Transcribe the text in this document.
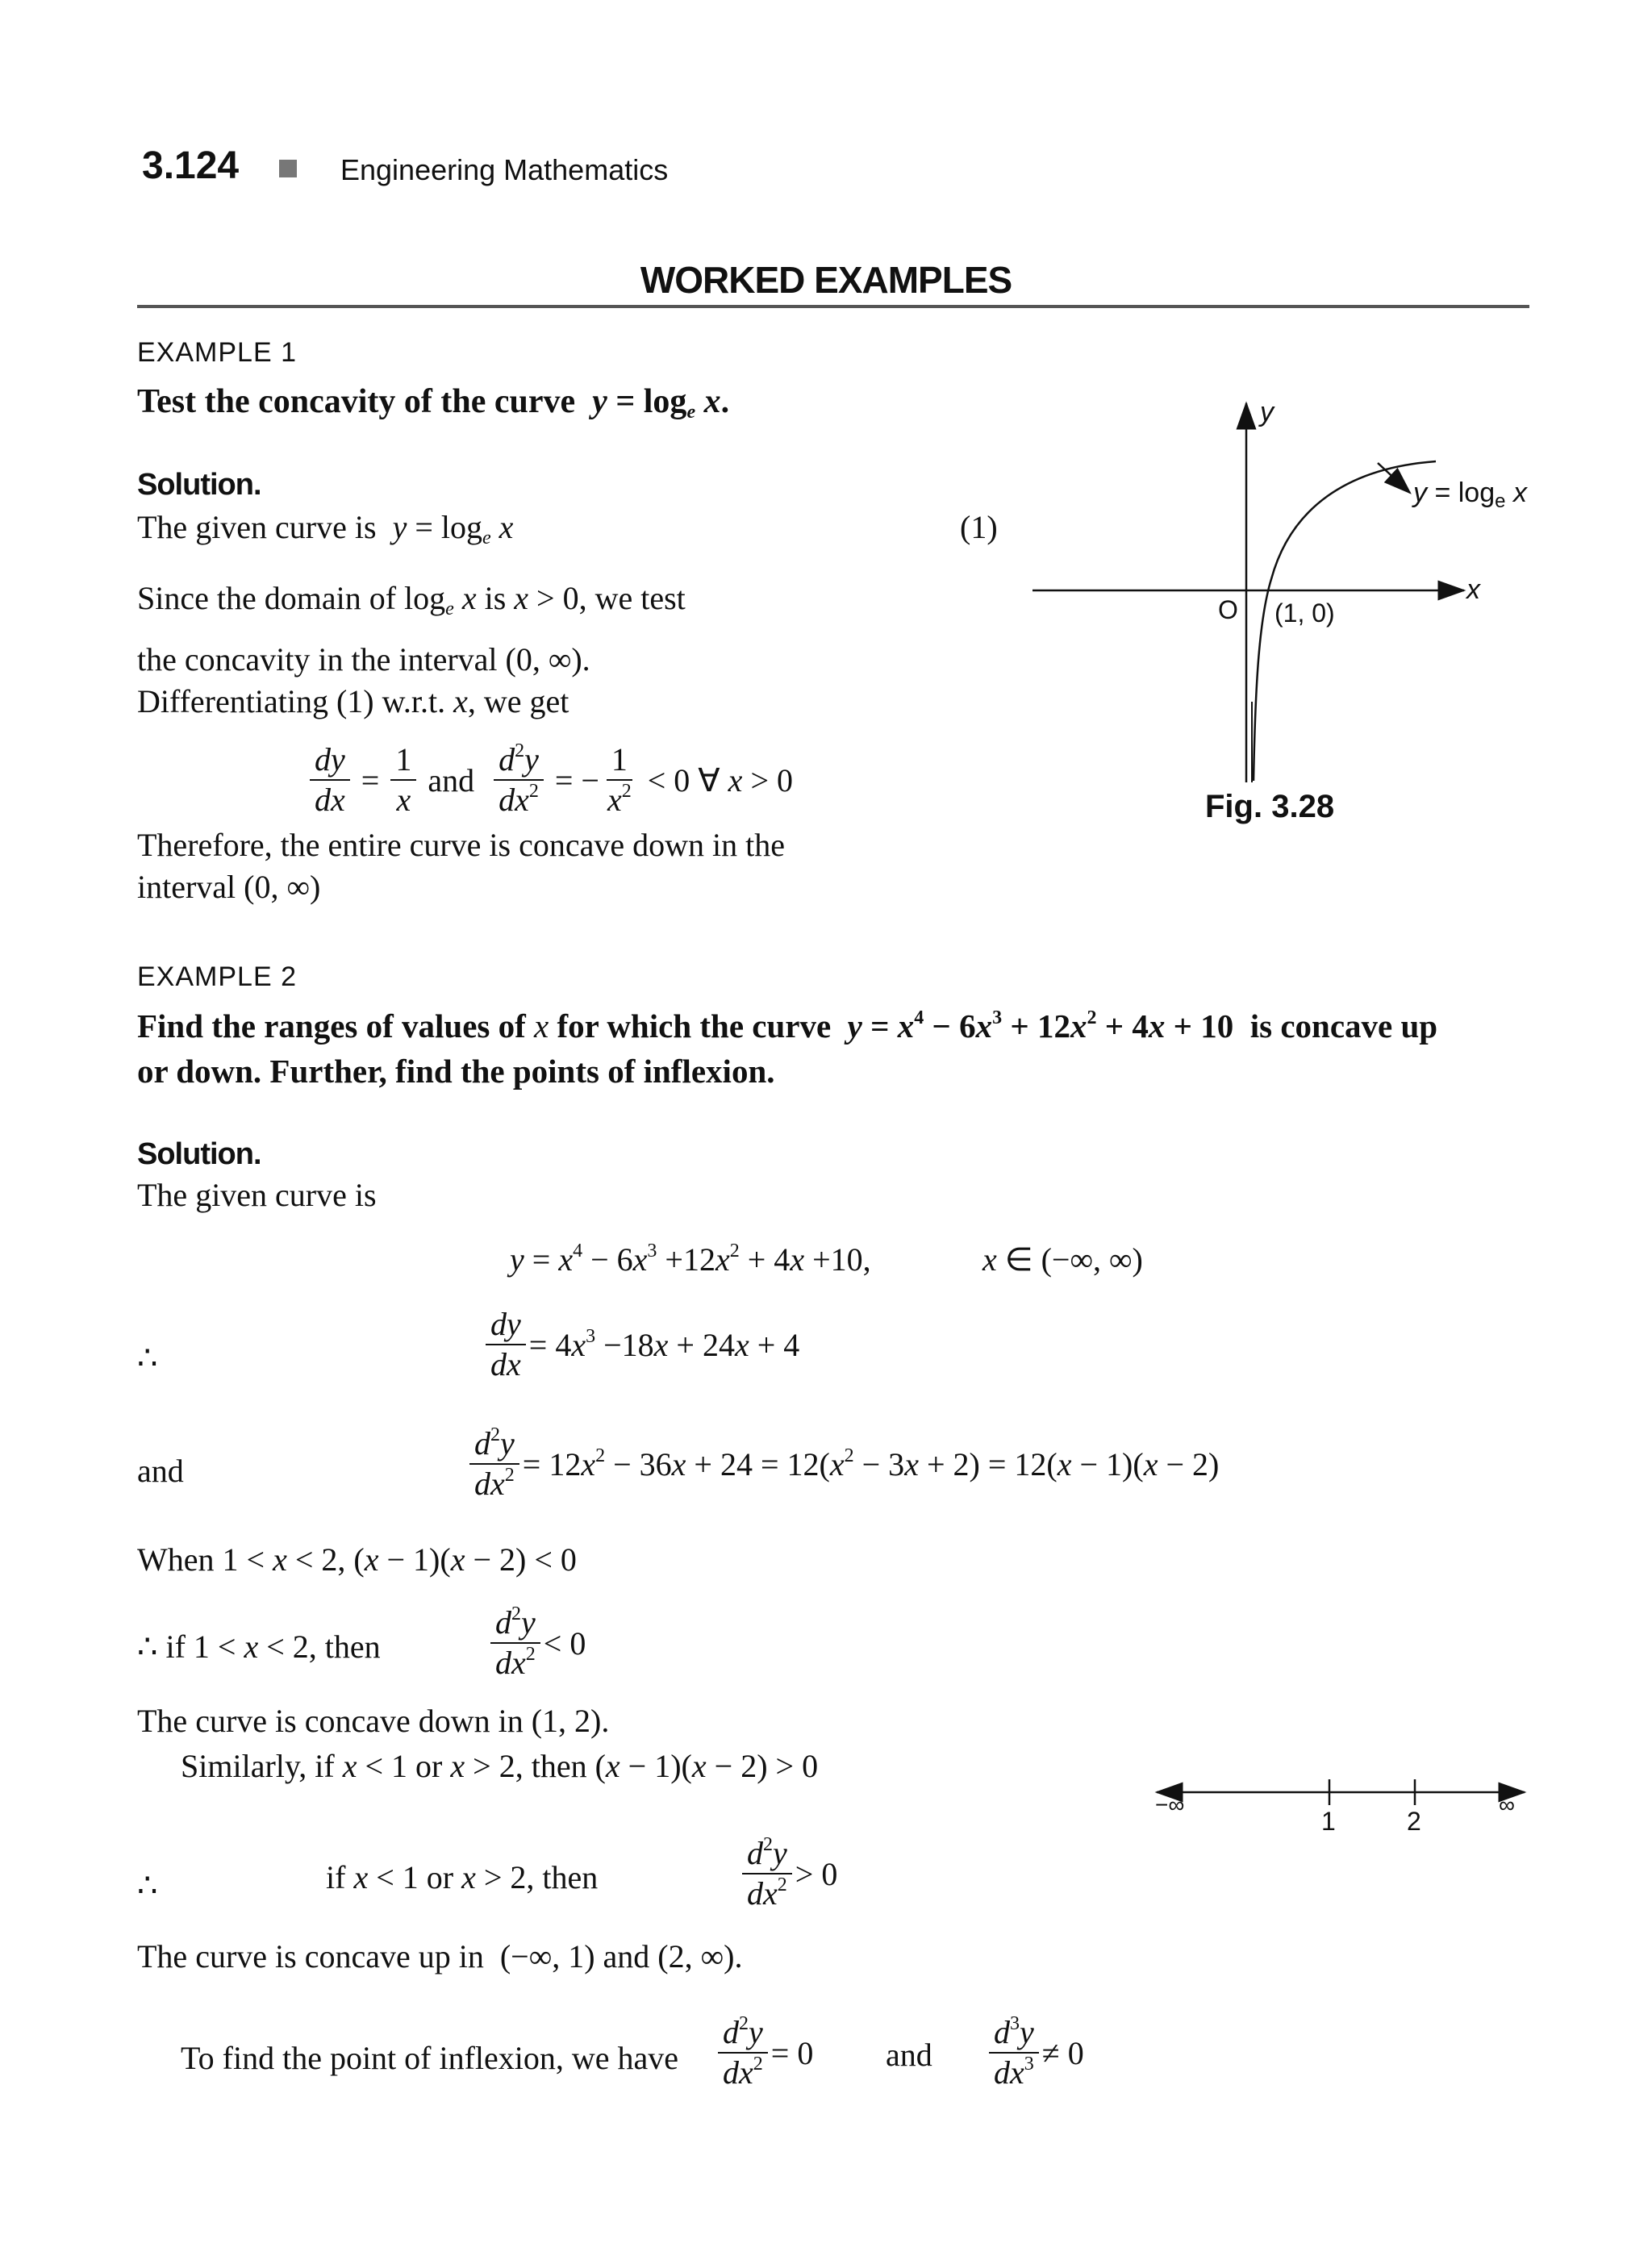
3.124	Engineering Mathematics
WORKED EXAMPLES
EXAMPLE 1
Test the concavity of the curve  $y = \log_e x$.
Solution.
The given curve is  $y = \log_e x$	(1)
Since the domain of $\log_e x$ is x > 0, we test
the concavity in the interval (0, ∞).
Differentiating (1) w.r.t. x, we get
$\frac{dy}{dx} = \frac{1}{x}$ and $\frac{d^2y}{dx^2}$ = − $\frac{1}{x^2} < 0$ ∀ x > 0
Therefore, the entire curve is concave down in the
interval (0, ∞)
y
x
O (1, 0)
$y = \log_e x$
Fig. 3.28
EXAMPLE 2
Find the ranges of values of x for which the curve  $y = x^4 - 6x^3 + 12x^2 + 4x + 10$  is concave up
or down. Further, find the points of inflexion.
Solution.
The given curve is
$y = x^4 - 6x^3 +12x^2 + 4x +10$,	x ∈ (−∞, ∞)
∴	$\frac{dy}{dx} = 4x^3 -18x + 24x + 4$
and	$\frac{d^2y}{dx^2} = 12x^2 - 36x + 24 = 12(x^2 - 3x + 2) = 12(x - 1)(x - 2)$
When 1 < x < 2, (x − 1)(x − 2) < 0
∴ if 1 < x < 2, then	$\frac{d^2y}{dx^2} < 0$
The curve is concave down in (1, 2).
Similarly, if x < 1 or x > 2, then (x − 1)(x − 2) > 0
−∞	∞
1	2
∴	if x < 1 or x > 2, then	$\frac{d^2y}{dx^2} > 0$
The curve is concave up in  (−∞, 1) and (2, ∞).
To find the point of inflexion, we have $\frac{d^2y}{dx^2} = 0$ and $\frac{d^3y}{dx^3} \ne 0$
